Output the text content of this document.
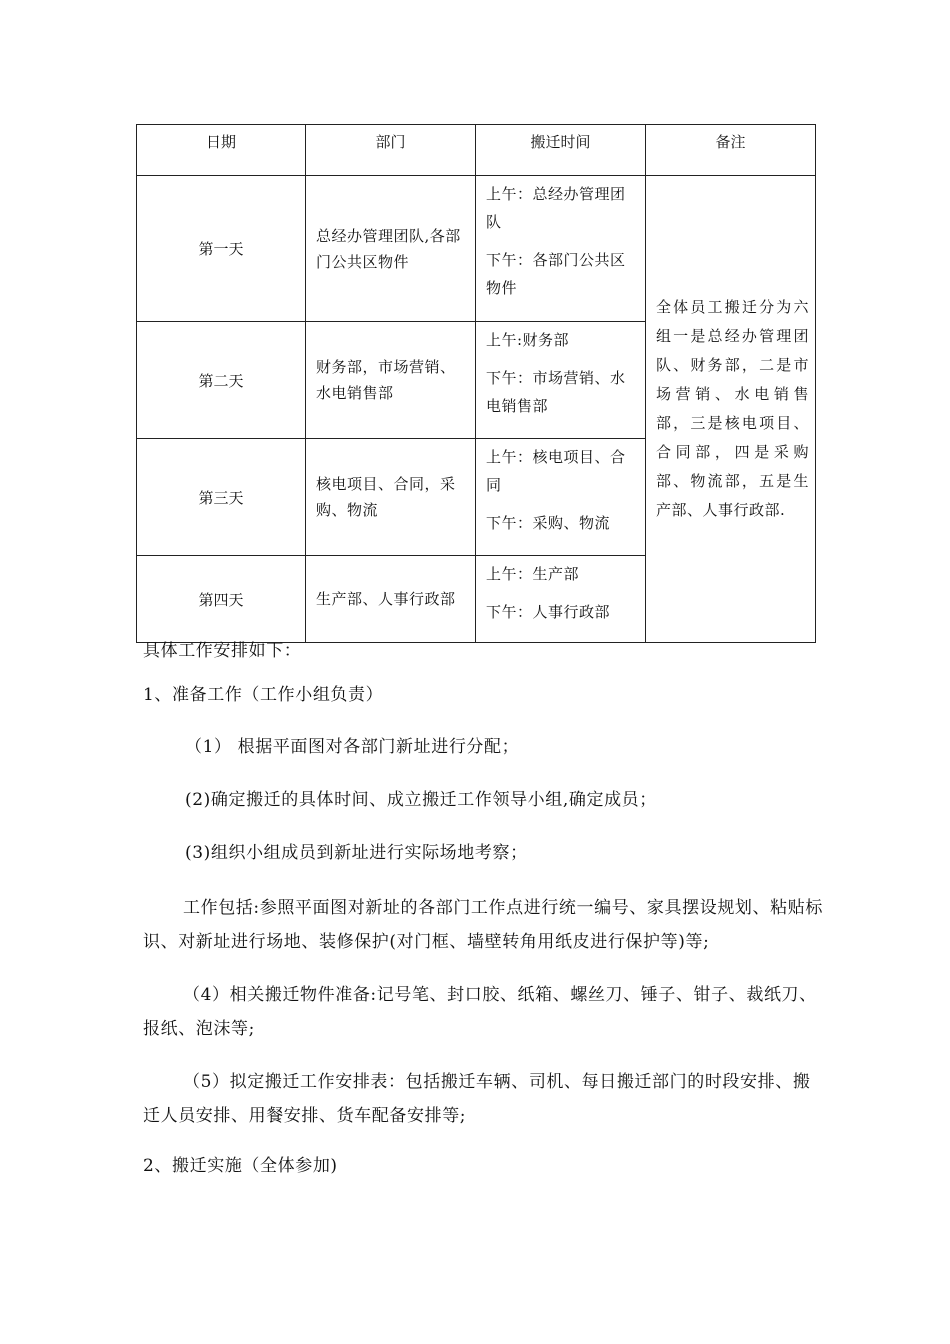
日期	部门	搬迁时间	备注
第一天	总经办管理团队,各部门公共区物件	上午：总经办管理团队

下午：各部门公共区物件	全体员工搬迁分为六组一是总经办管理团队、财务部，二是市场营销、水电销售部，三是核电项目、合同部，四是采购部、物流部，五是生产部、人事行政部.
第二天	财务部，市场营销、水电销售部	上午:财务部

下午：市场营销、水电销售部	

第三天	核电项目、合同，采购、物流	上午：核电项目、合同

下午：采购、物流	

第四天	生产部、人事行政部	上午：生产部

下午：人事行政部	

具体工作安排如下：

1、准备工作（工作小组负责）

（1） 根据平面图对各部门新址进行分配；

(2)确定搬迁的具体时间、成立搬迁工作领导小组,确定成员；

(3)组织小组成员到新址进行实际场地考察；

工作包括:参照平面图对新址的各部门工作点进行统一编号、家具摆设规划、粘贴标识、对新址进行场地、装修保护(对门框、墙壁转角用纸皮进行保护等)等;

（4）相关搬迁物件准备:记号笔、封口胶、纸箱、螺丝刀、锤子、钳子、裁纸刀、报纸、泡沫等;

（5）拟定搬迁工作安排表：包括搬迁车辆、司机、每日搬迁部门的时段安排、搬迁人员安排、用餐安排、货车配备安排等;

2、搬迁实施（全体参加)
